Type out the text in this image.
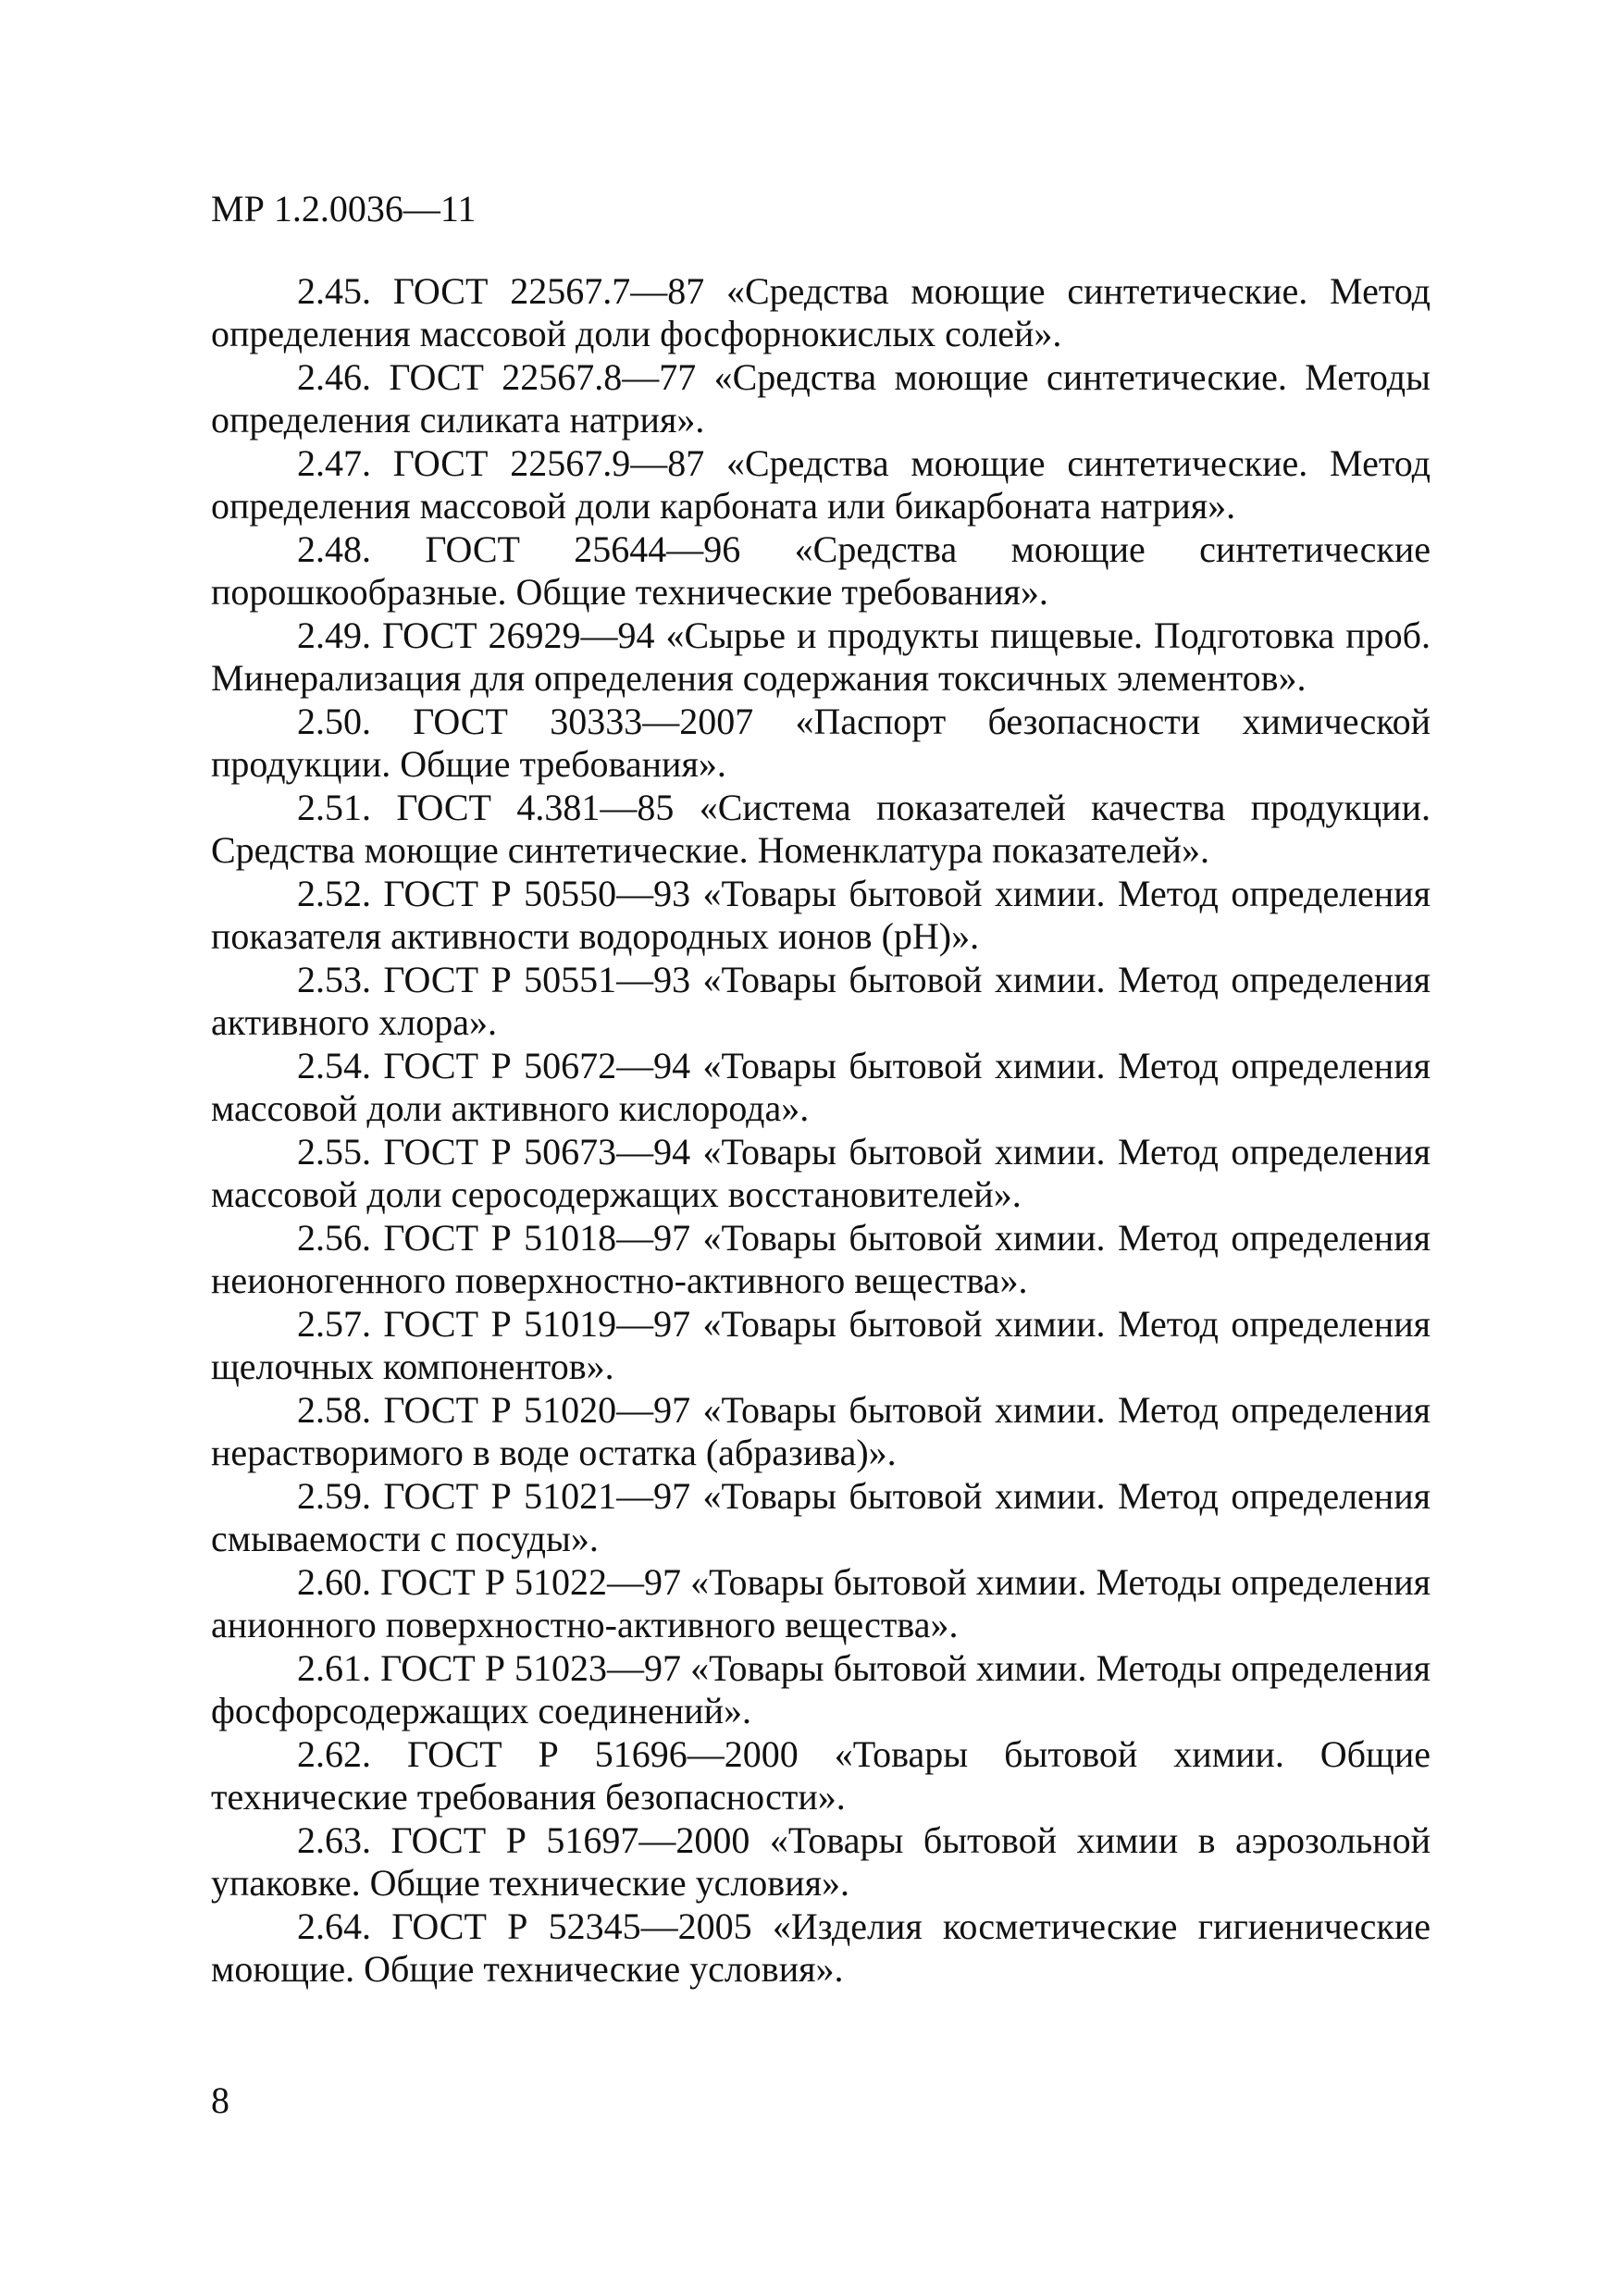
МР 1.2.0036—11
2.45. ГОСТ 22567.7—87 «Средства моющие синтетические. Метод определения массовой доли фосфорнокислых солей».
2.46. ГОСТ 22567.8—77 «Средства моющие синтетические. Методы определения силиката натрия».
2.47. ГОСТ 22567.9—87 «Средства моющие синтетические. Метод определения массовой доли карбоната или бикарбоната натрия».
2.48. ГОСТ 25644—96 «Средства моющие синтетические порошкообразные. Общие технические требования».
2.49. ГОСТ 26929—94 «Сырье и продукты пищевые. Подготовка проб. Минерализация для определения содержания токсичных элементов».
2.50. ГОСТ 30333—2007 «Паспорт безопасности химической продукции. Общие требования».
2.51. ГОСТ 4.381—85 «Система показателей качества продукции. Средства моющие синтетические. Номенклатура показателей».
2.52. ГОСТ Р 50550—93 «Товары бытовой химии. Метод определения показателя активности водородных ионов (pH)».
2.53. ГОСТ Р 50551—93 «Товары бытовой химии. Метод определения активного хлора».
2.54. ГОСТ Р 50672—94 «Товары бытовой химии. Метод определения массовой доли активного кислорода».
2.55. ГОСТ Р 50673—94 «Товары бытовой химии. Метод определения массовой доли серосодержащих восстановителей».
2.56. ГОСТ Р 51018—97 «Товары бытовой химии. Метод определения неионогенного поверхностно-активного вещества».
2.57. ГОСТ Р 51019—97 «Товары бытовой химии. Метод определения щелочных компонентов».
2.58. ГОСТ Р 51020—97 «Товары бытовой химии. Метод определения нерастворимого в воде остатка (абразива)».
2.59. ГОСТ Р 51021—97 «Товары бытовой химии. Метод определения смываемости с посуды».
2.60. ГОСТ Р 51022—97 «Товары бытовой химии. Методы определения анионного поверхностно-активного вещества».
2.61. ГОСТ Р 51023—97 «Товары бытовой химии. Методы определения фосфорсодержащих соединений».
2.62. ГОСТ Р 51696—2000 «Товары бытовой химии. Общие технические требования безопасности».
2.63. ГОСТ Р 51697—2000 «Товары бытовой химии в аэрозольной упаковке. Общие технические условия».
2.64. ГОСТ Р 52345—2005 «Изделия косметические гигиенические моющие. Общие технические условия».
8
